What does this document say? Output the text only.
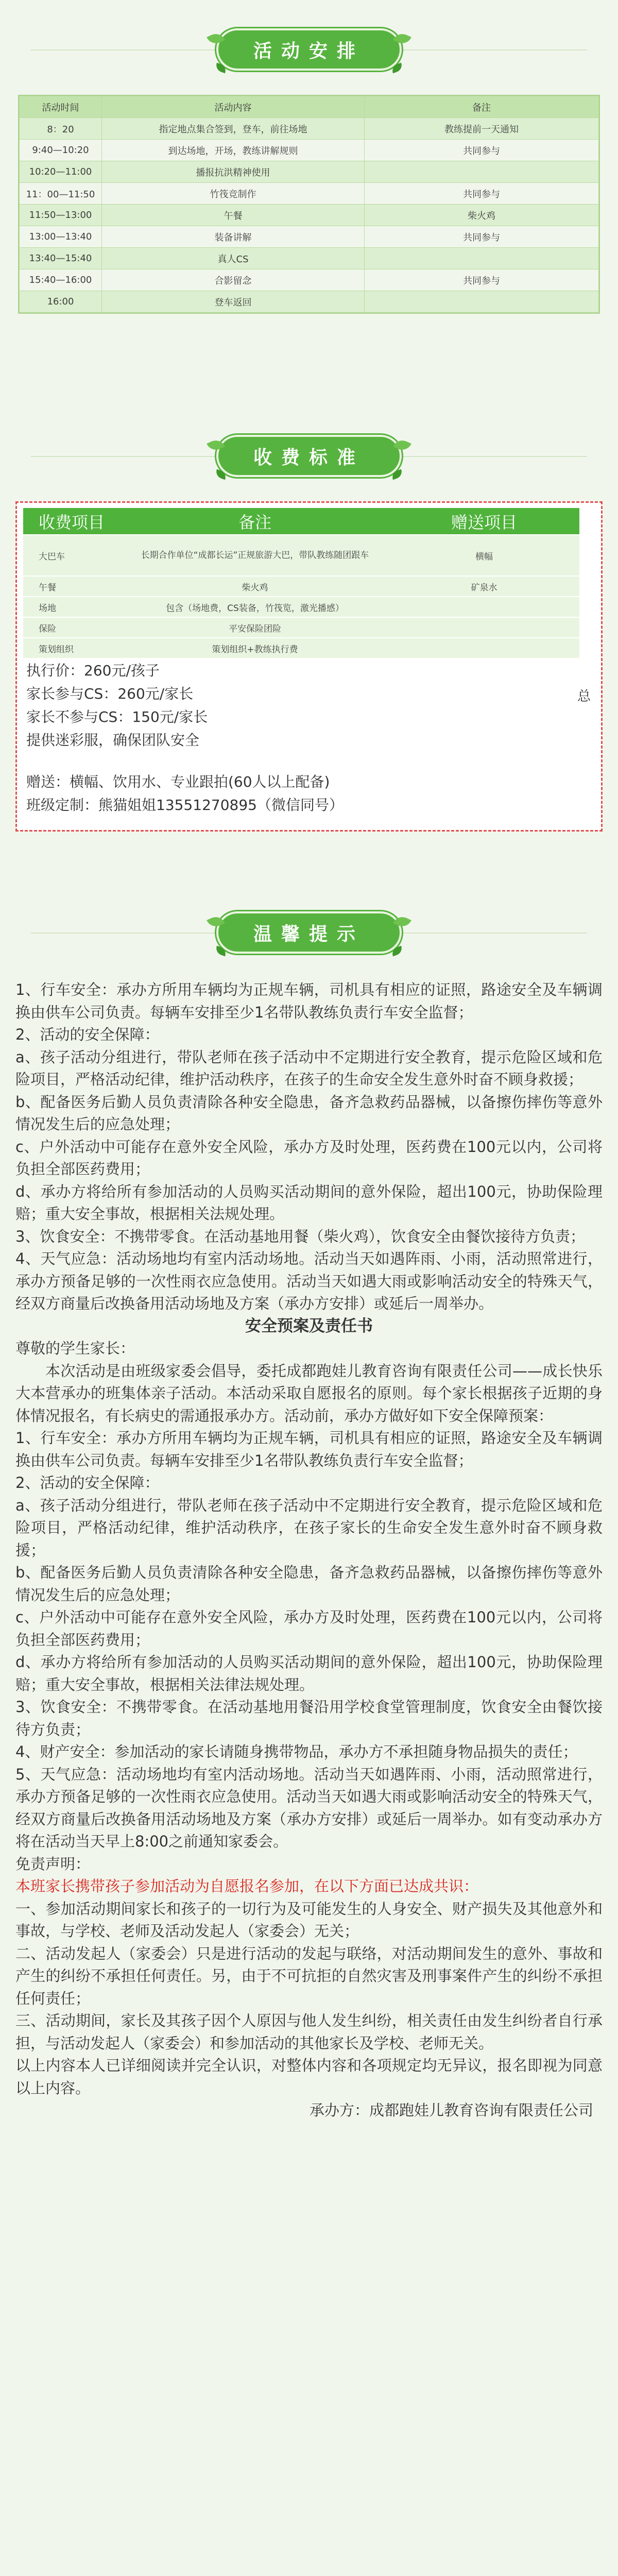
活动安排
活动时间	活动内容	备注
8：20	指定地点集合签到，登车，前往场地	教练提前一天通知
9:40—10:20	到达场地，开场，教练讲解规则	共同参与
10:20—11:00	播报抗洪精神使用	
11：00—11:50	竹筏竞制作	共同参与
11:50—13:00	午餐	柴火鸡
13:00—13:40	装备讲解	共同参与
13:40—15:40	真人CS	
15:40—16:00	合影留念	共同参与
16:00	登车返回	
收费标准
收费项目	备注	赠送项目
大巴车	长期合作单位“成都长运”正规旅游大巴，带队教练随团跟车	横幅
午餐	柴火鸡	矿泉水
场地	包含（场地费，CS装备，竹筏览，激光播感）	
保险	平安保险团险	
策划组织	策划组织+教练执行费	
总
执行价：260元/孩子
家长参与CS：260元/家长
家长不参与CS：150元/家长
提供迷彩服，确保团队安全
赠送：横幅、饮用水、专业跟拍(60人以上配备)
班级定制：熊猫姐姐13551270895（微信同号）
温馨提示

1、行车安全：承办方所用车辆均为正规车辆，司机具有相应的证照，路途安全及车辆调换由供车公司负责。每辆车安排至少1名带队教练负责行车安全监督；

2、活动的安全保障：

a、孩子活动分组进行，带队老师在孩子活动中不定期进行安全教育，提示危险区域和危险项目，严格活动纪律，维护活动秩序，在孩子的生命安全发生意外时奋不顾身救援；

b、配备医务后勤人员负责清除各种安全隐患，备齐急救药品器械，以备擦伤摔伤等意外情况发生后的应急处理；

c、户外活动中可能存在意外安全风险，承办方及时处理，医药费在100元以内，公司将负担全部医药费用；

d、承办方将给所有参加活动的人员购买活动期间的意外保险，超出100元，协助保险理赔；重大安全事故，根据相关法规处理。

3、饮食安全：不携带零食。在活动基地用餐（柴火鸡），饮食安全由餐饮接待方负责；

4、天气应急：活动场地均有室内活动场地。活动当天如遇阵雨、小雨，活动照常进行，承办方预备足够的一次性雨衣应急使用。活动当天如遇大雨或影响活动安全的特殊天气，经双方商量后改换备用活动场地及方案（承办方安排）或延后一周举办。

安全预案及责任书

尊敬的学生家长：

本次活动是由班级家委会倡导，委托成都跑娃儿教育咨询有限责任公司——成长快乐大本营承办的班集体亲子活动。本活动采取自愿报名的原则。每个家长根据孩子近期的身体情况报名，有长病史的需通报承办方。活动前，承办方做好如下安全保障预案：

1、行车安全：承办方所用车辆均为正规车辆，司机具有相应的证照，路途安全及车辆调换由供车公司负责。每辆车安排至少1名带队教练负责行车安全监督；

2、活动的安全保障：

a、孩子活动分组进行，带队老师在孩子活动中不定期进行安全教育，提示危险区域和危险项目，严格活动纪律，维护活动秩序，在孩子家长的生命安全发生意外时奋不顾身救援；

b、配备医务后勤人员负责清除各种安全隐患，备齐急救药品器械，以备擦伤摔伤等意外情况发生后的应急处理；

c、户外活动中可能存在意外安全风险，承办方及时处理，医药费在100元以内，公司将负担全部医药费用；

d、承办方将给所有参加活动的人员购买活动期间的意外保险，超出100元，协助保险理赔；重大安全事故，根据相关法律法规处理。

3、饮食安全：不携带零食。在活动基地用餐沿用学校食堂管理制度，饮食安全由餐饮接待方负责；

4、财产安全：参加活动的家长请随身携带物品，承办方不承担随身物品损失的责任；

5、天气应急：活动场地均有室内活动场地。活动当天如遇阵雨、小雨，活动照常进行，承办方预备足够的一次性雨衣应急使用。活动当天如遇大雨或影响活动安全的特殊天气，经双方商量后改换备用活动场地及方案（承办方安排）或延后一周举办。如有变动承办方将在活动当天早上8:00之前通知家委会。

免责声明：

本班家长携带孩子参加活动为自愿报名参加，在以下方面已达成共识：

一、参加活动期间家长和孩子的一切行为及可能发生的人身安全、财产损失及其他意外和事故，与学校、老师及活动发起人（家委会）无关；

二、活动发起人（家委会）只是进行活动的发起与联络，对活动期间发生的意外、事故和产生的纠纷不承担任何责任。另，由于不可抗拒的自然灾害及刑事案件产生的纠纷不承担任何责任；

三、活动期间，家长及其孩子因个人原因与他人发生纠纷，相关责任由发生纠纷者自行承担，与活动发起人（家委会）和参加活动的其他家长及学校、老师无关。

以上内容本人已详细阅读并完全认识，对整体内容和各项规定均无异议，报名即视为同意以上内容。

承办方：成都跑娃儿教育咨询有限责任公司
